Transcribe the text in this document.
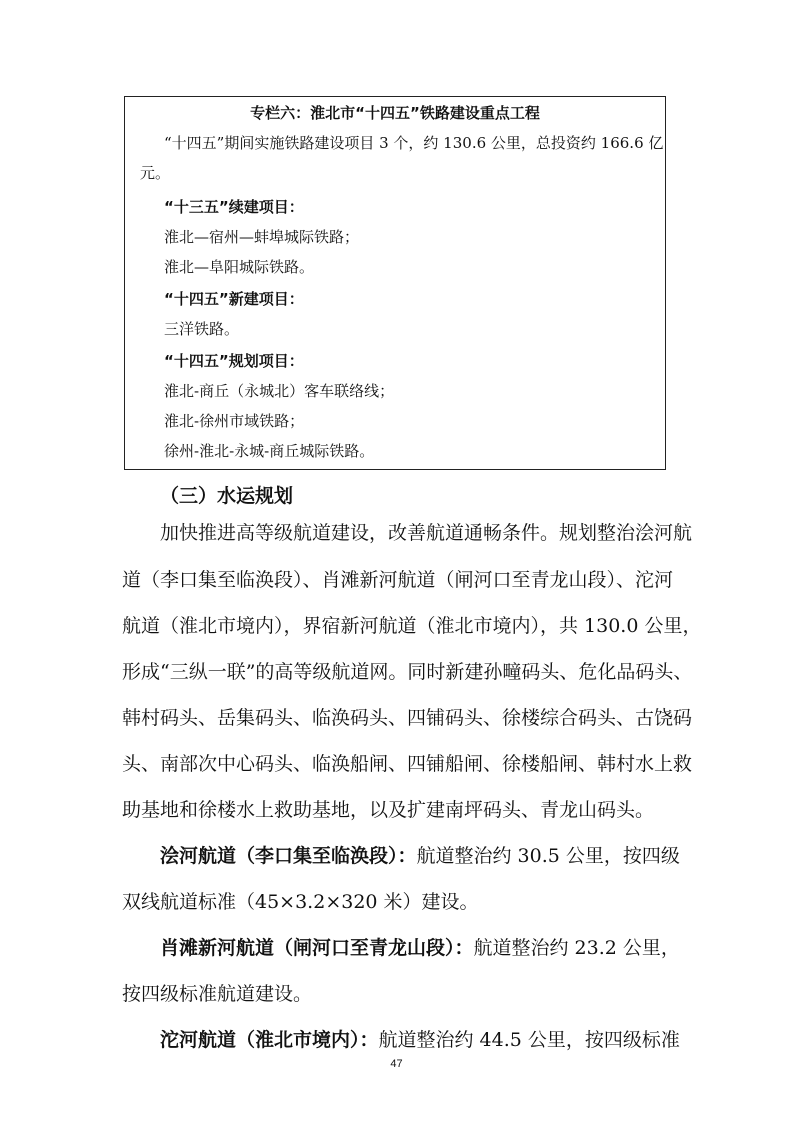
专栏六：淮北市“十四五”铁路建设重点工程
“十四五”期间实施铁路建设项目 3 个，约 130.6 公里，总投资约 166.6 亿
元。
“十三五”续建项目：
淮北—宿州—蚌埠城际铁路；
淮北—阜阳城际铁路。
“十四五”新建项目：
三洋铁路。
“十四五”规划项目：
淮北-商丘（永城北）客车联络线；
淮北-徐州市域铁路；
徐州-淮北-永城-商丘城际铁路。
（三）水运规划
加快推进高等级航道建设，改善航道通畅条件。规划整治浍河航
道（李口集至临涣段）、肖滩新河航道（闸河口至青龙山段）、沱河
航道（淮北市境内），界宿新河航道（淮北市境内），共 130.0 公里，
形成“三纵一联”的高等级航道网。同时新建孙疃码头、危化品码头、
韩村码头、岳集码头、临涣码头、四铺码头、徐楼综合码头、古饶码
头、南部次中心码头、临涣船闸、四铺船闸、徐楼船闸、韩村水上救
助基地和徐楼水上救助基地，以及扩建南坪码头、青龙山码头。
浍河航道（李口集至临涣段）：航道整治约 30.5 公里，按四级
双线航道标准（45×3.2×320 米）建设。
肖滩新河航道（闸河口至青龙山段）：航道整治约 23.2 公里，
按四级标准航道建设。
沱河航道（淮北市境内）：航道整治约 44.5 公里，按四级标准
47
